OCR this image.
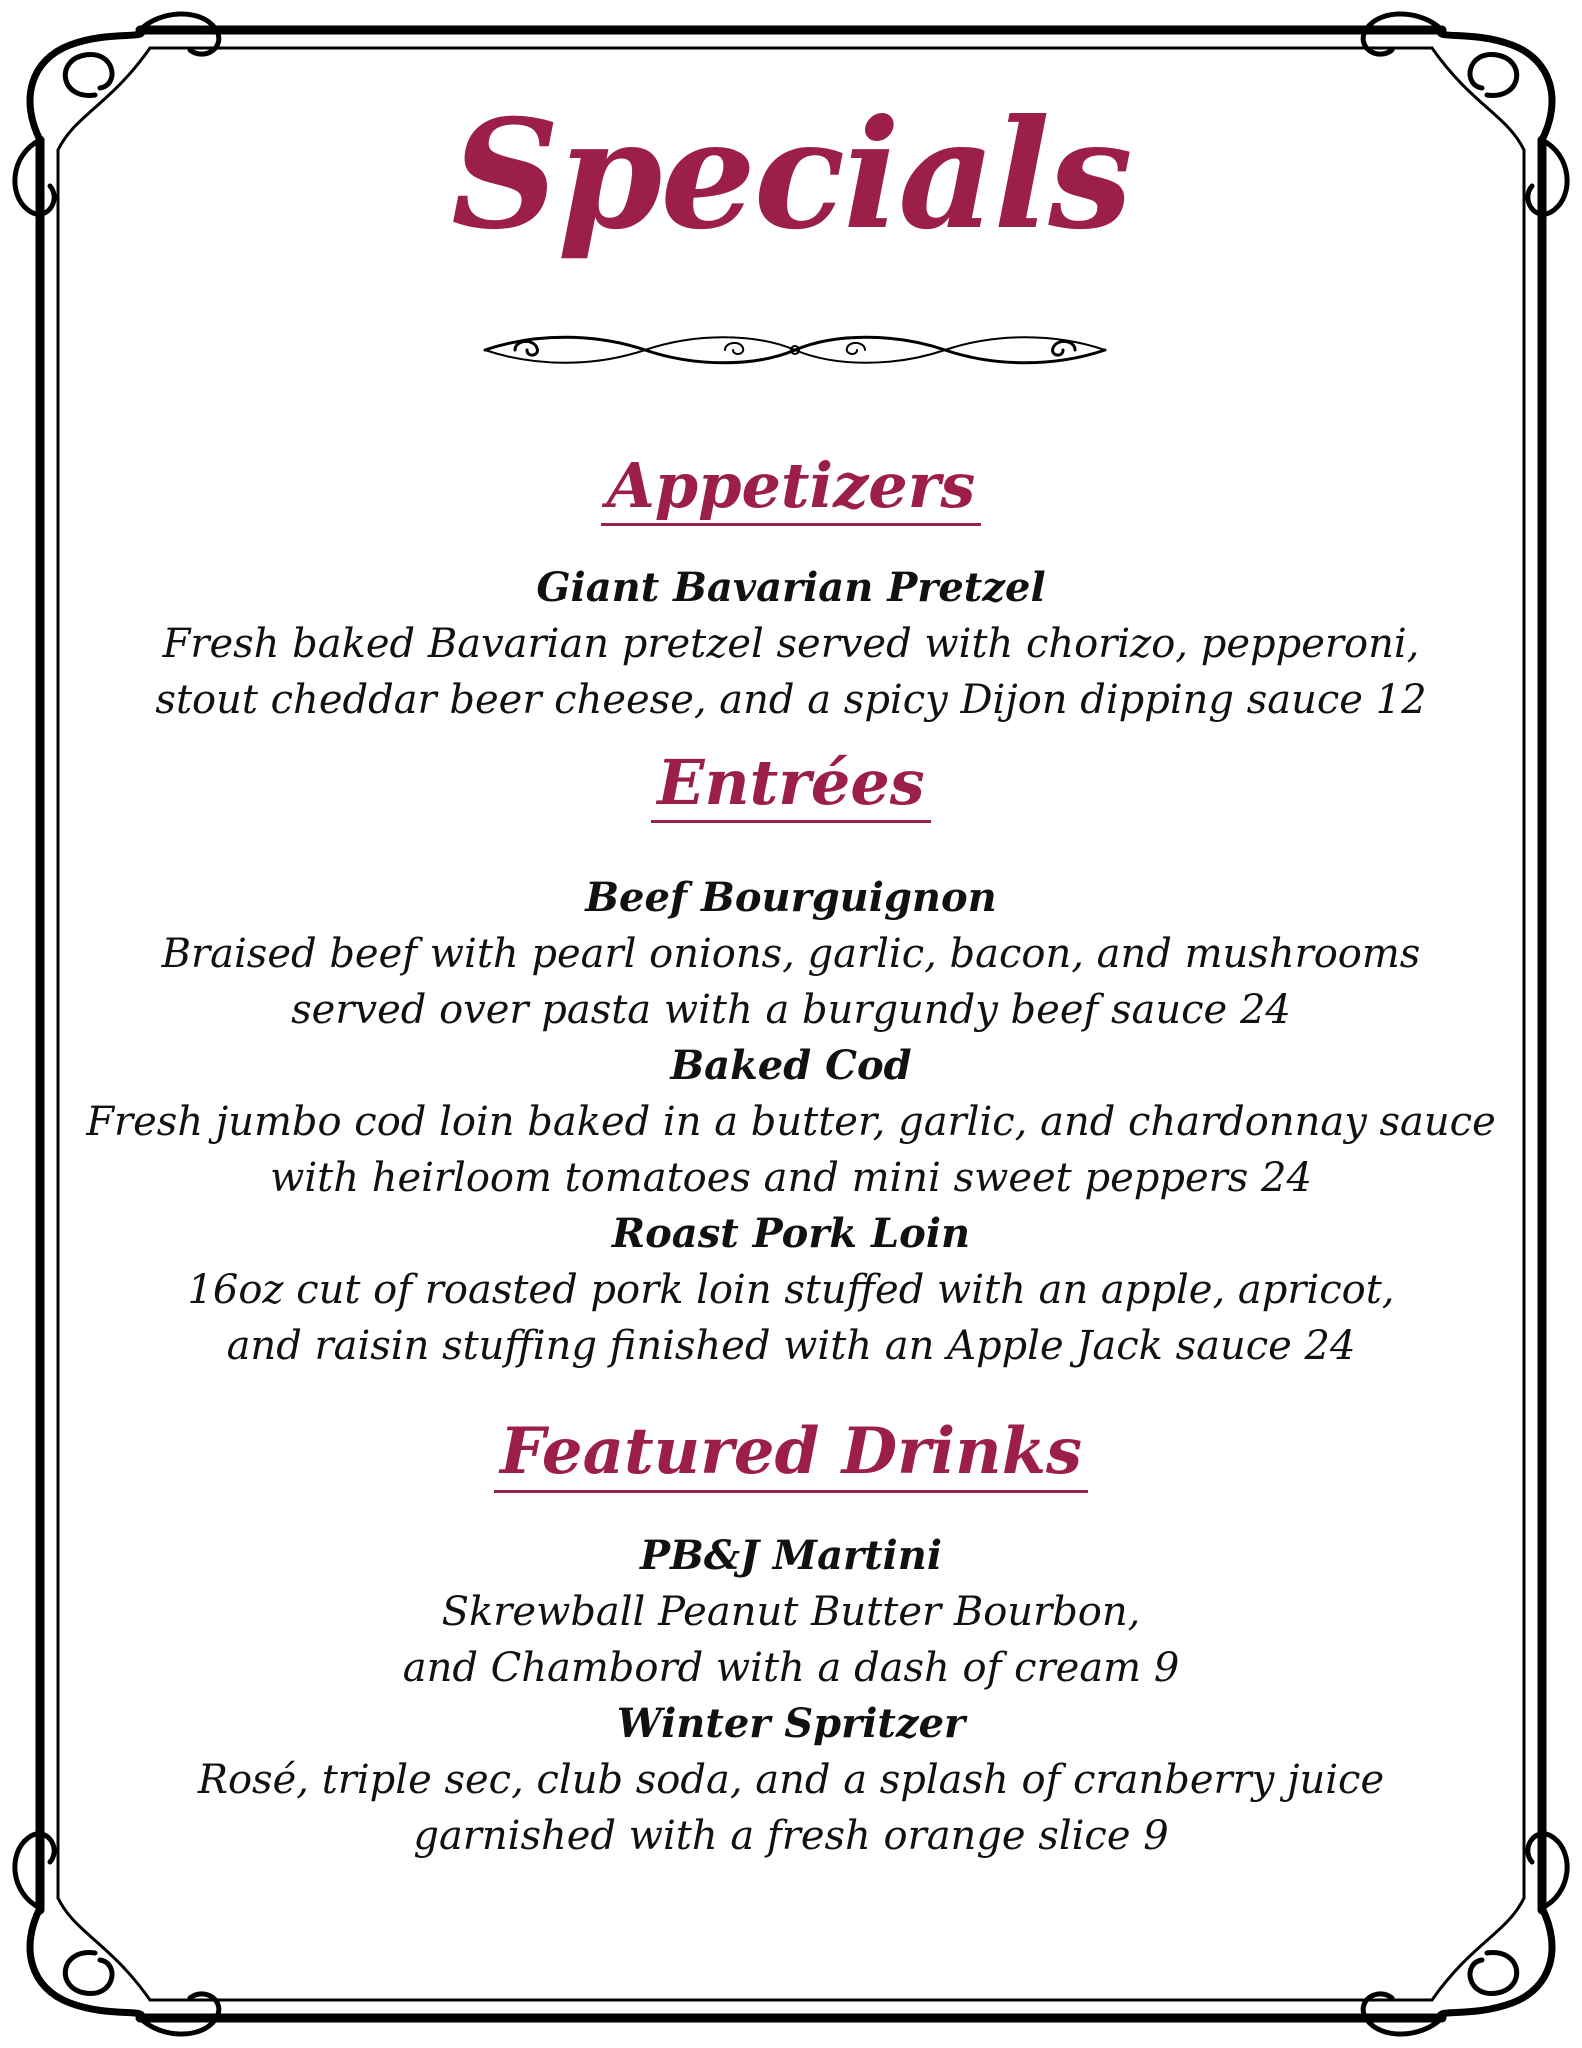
Specials
Appetizers
Giant Bavarian Pretzel
Fresh baked Bavarian pretzel served with chorizo, pepperoni,
stout cheddar beer cheese, and a spicy Dijon dipping sauce 12
Entrées
Beef Bourguignon
Braised beef with pearl onions, garlic, bacon, and mushrooms
served over pasta with a burgundy beef sauce 24
Baked Cod
Fresh jumbo cod loin baked in a butter, garlic, and chardonnay sauce
with heirloom tomatoes and mini sweet peppers 24
Roast Pork Loin
16oz cut of roasted pork loin stuffed with an apple, apricot,
and raisin stuffing finished with an Apple Jack sauce 24
Featured Drinks
PB&J Martini
Skrewball Peanut Butter Bourbon,
and Chambord with a dash of cream 9
Winter Spritzer
Rosé, triple sec, club soda, and a splash of cranberry juice
garnished with a fresh orange slice 9
